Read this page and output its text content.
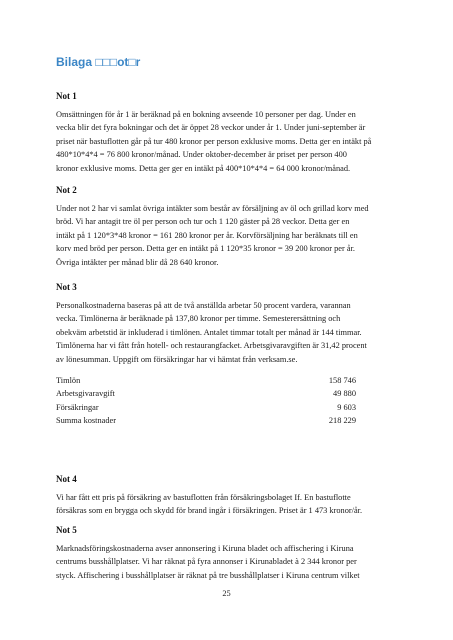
Bilaga □□□ot□r
Not 1
Omsättningen för år 1 är beräknad på en bokning avseende 10 personer per dag. Under en
vecka blir det fyra bokningar och det är öppet 28 veckor under år 1. Under juni-september är
priset när bastuflotten går på tur 480 kronor per person exklusive moms. Detta ger en intäkt på
480*10*4*4 = 76 800 kronor/månad. Under oktober-december är priset per person 400
kronor exklusive moms. Detta ger ger en intäkt på 400*10*4*4 = 64 000 kronor/månad.
Not 2
Under not 2 har vi samlat övriga intäkter som består av försäljning av öl och grillad korv med
bröd. Vi har antagit tre öl per person och tur och 1 120 gäster på 28 veckor. Detta ger en
intäkt på 1 120*3*48 kronor = 161 280 kronor per år. Korvförsäljning har beräknats till en
korv med bröd per person. Detta ger en intäkt på 1 120*35 kronor = 39 200 kronor per år.
Övriga intäkter per månad blir då 28 640 kronor.
Not 3
Personalkostnaderna baseras på att de två anställda arbetar 50 procent vardera, varannan
vecka. Timlönerna är beräknade på 137,80 kronor per timme. Semesterersättning och
obekväm arbetstid är inkluderad i timlönen. Antalet timmar totalt per månad är 144 timmar.
Timlönerna har vi fått från hotell- och restaurangfacket. Arbetsgivaravgiften är 31,42 procent
av lönesumman. Uppgift om försäkringar har vi hämtat från verksam.se.
Timlön	158 746
Arbetsgivaravgift	49 880
Försäkringar	9 603
Summa kostnader	218 229
Not 4
Vi har fått ett pris på försäkring av bastuflotten från försäkringsbolaget If. En bastuflotte
försäkras som en brygga och skydd för brand ingår i försäkringen. Priset är 1 473 kronor/år.
Not 5
Marknadsföringskostnaderna avser annonsering i Kiruna bladet och affischering i Kiruna
centrums busshållplatser. Vi har räknat på fyra annonser i Kirunabladet à 2 344 kronor per
styck. Affischering i busshållplatser är räknat på tre busshållplatser i Kiruna centrum vilket
25
